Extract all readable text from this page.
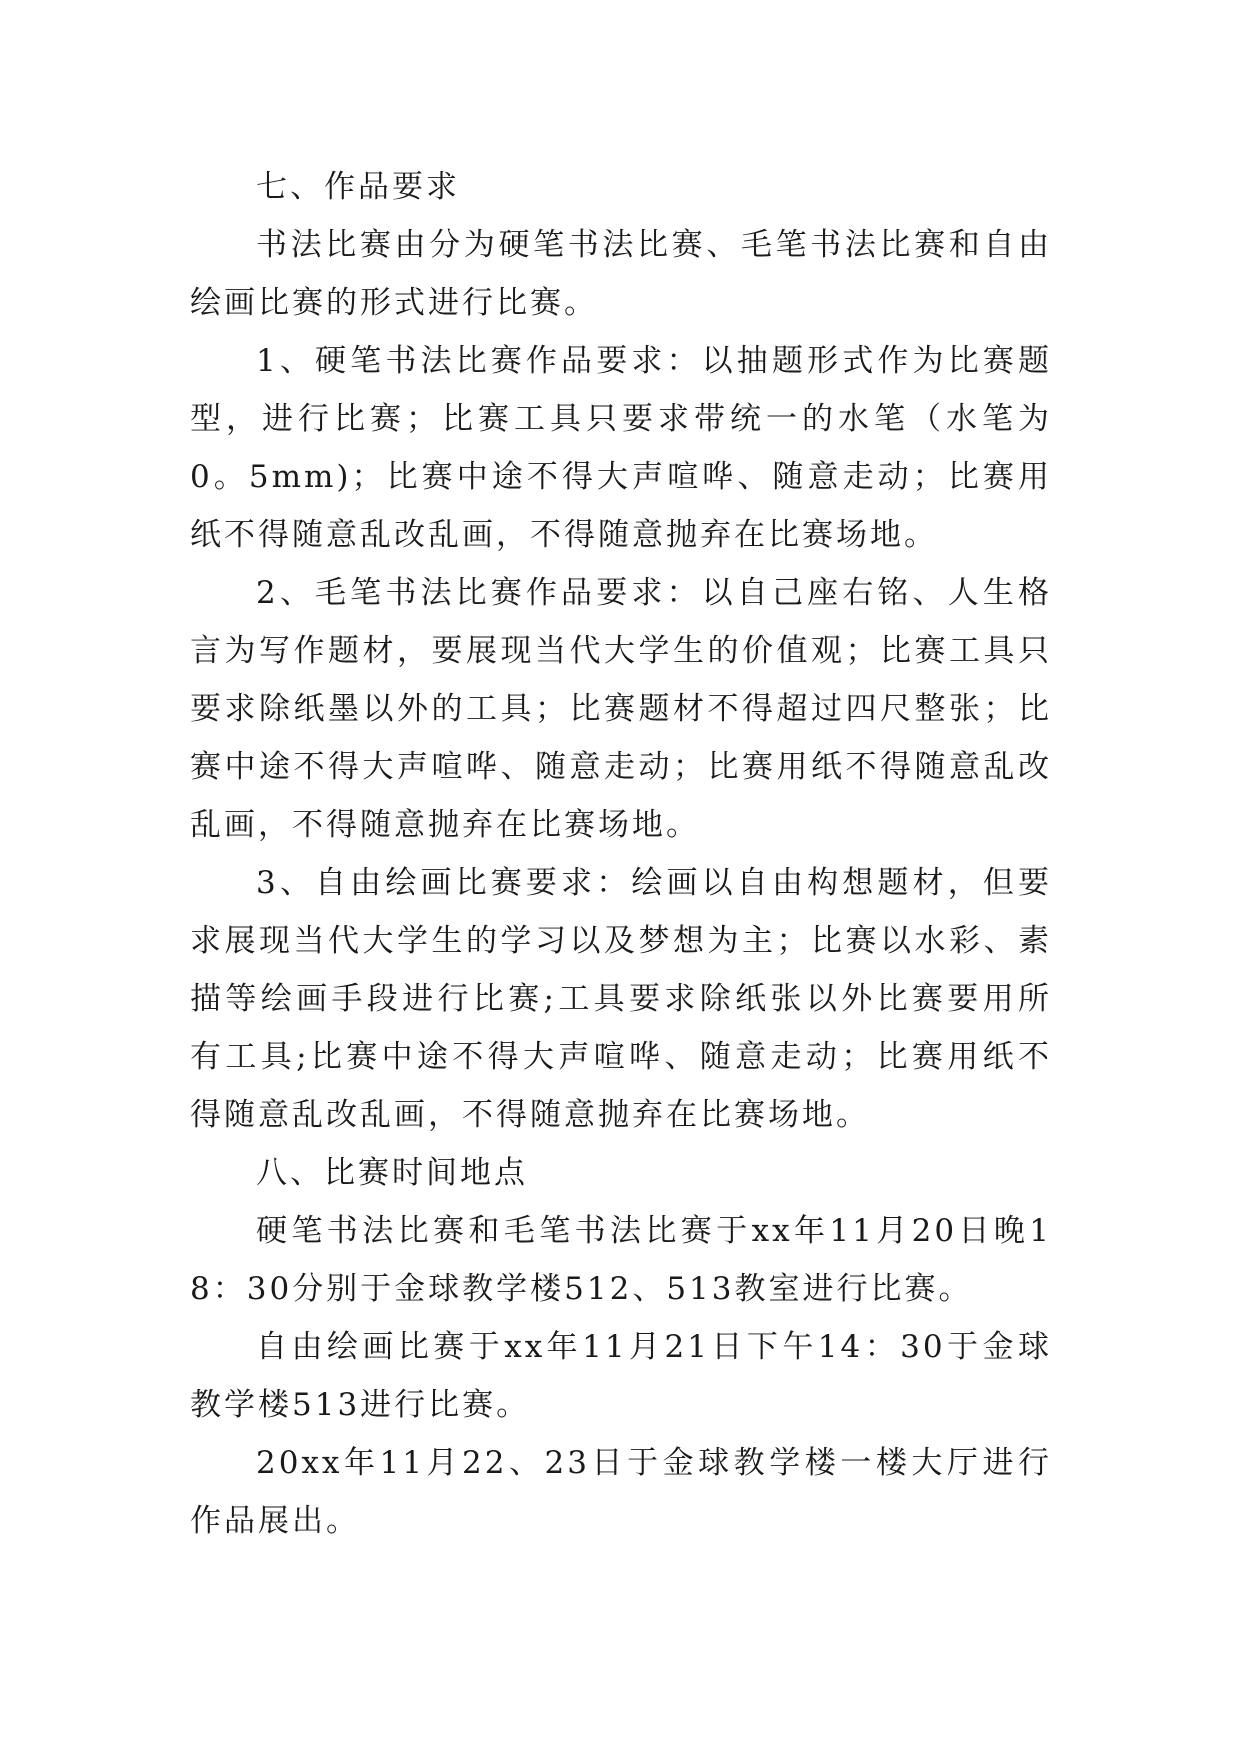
七、作品要求

书法比赛由分为硬笔书法比赛、毛笔书法比赛和自由绘画比赛的形式进行比赛。

1、硬笔书法比赛作品要求：以抽题形式作为比赛题型，进行比赛；比赛工具只要求带统一的水笔（水笔为0。5mm)；比赛中途不得大声喧哗、随意走动；比赛用纸不得随意乱改乱画，不得随意抛弃在比赛场地。

2、毛笔书法比赛作品要求：以自己座右铭、人生格言为写作题材，要展现当代大学生的价值观；比赛工具只要求除纸墨以外的工具；比赛题材不得超过四尺整张；比赛中途不得大声喧哗、随意走动；比赛用纸不得随意乱改乱画，不得随意抛弃在比赛场地。

3、自由绘画比赛要求：绘画以自由构想题材，但要求展现当代大学生的学习以及梦想为主；比赛以水彩、素描等绘画手段进行比赛;工具要求除纸张以外比赛要用所有工具;比赛中途不得大声喧哗、随意走动；比赛用纸不得随意乱改乱画，不得随意抛弃在比赛场地。

八、比赛时间地点

硬笔书法比赛和毛笔书法比赛于xx年11月20日晚18：30分别于金球教学楼512、513教室进行比赛。

自由绘画比赛于xx年11月21日下午14：30于金球教学楼513进行比赛。

20xx年11月22、23日于金球教学楼一楼大厅进行作品展出。
